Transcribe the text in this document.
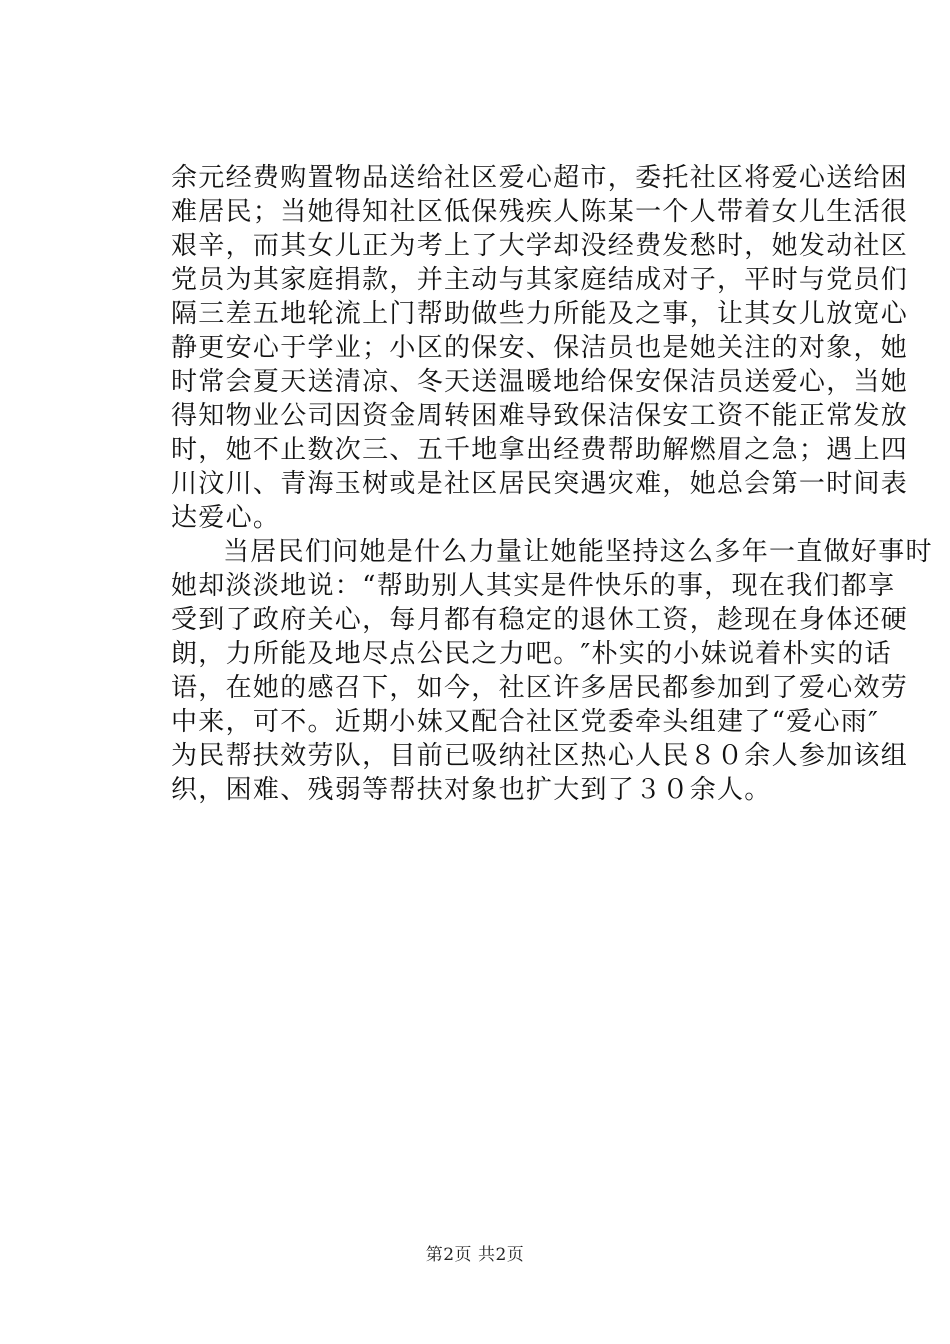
余元经费购置物品送给社区爱心超市，委托社区将爱心送给困
难居民；当她得知社区低保残疾人陈某一个人带着女儿生活很
艰辛，而其女儿正为考上了大学却没经费发愁时，她发动社区
党员为其家庭捐款，并主动与其家庭结成对子，平时与党员们
隔三差五地轮流上门帮助做些力所能及之事，让其女儿放宽心
静更安心于学业；小区的保安、保洁员也是她关注的对象，她
时常会夏天送清凉、冬天送温暖地给保安保洁员送爱心，当她
得知物业公司因资金周转困难导致保洁保安工资不能正常发放
时，她不止数次三、五千地拿出经费帮助解燃眉之急；遇上四
川汶川、青海玉树或是社区居民突遇灾难，她总会第一时间表
达爱心。

当居民们问她是什么力量让她能坚持这么多年一直做好事时
她却淡淡地说：“帮助别人其实是件快乐的事，现在我们都享
受到了政府关心，每月都有稳定的退休工资，趁现在身体还硬
朗，力所能及地尽点公民之力吧。″朴实的小妹说着朴实的话
语，在她的感召下，如今，社区许多居民都参加到了爱心效劳
中来，可不。近期小妹又配合社区党委牵头组建了“爱心雨″
为民帮扶效劳队，目前已吸纳社区热心人民８０余人参加该组
织，困难、残弱等帮扶对象也扩大到了３０余人。

第2页 共2页
